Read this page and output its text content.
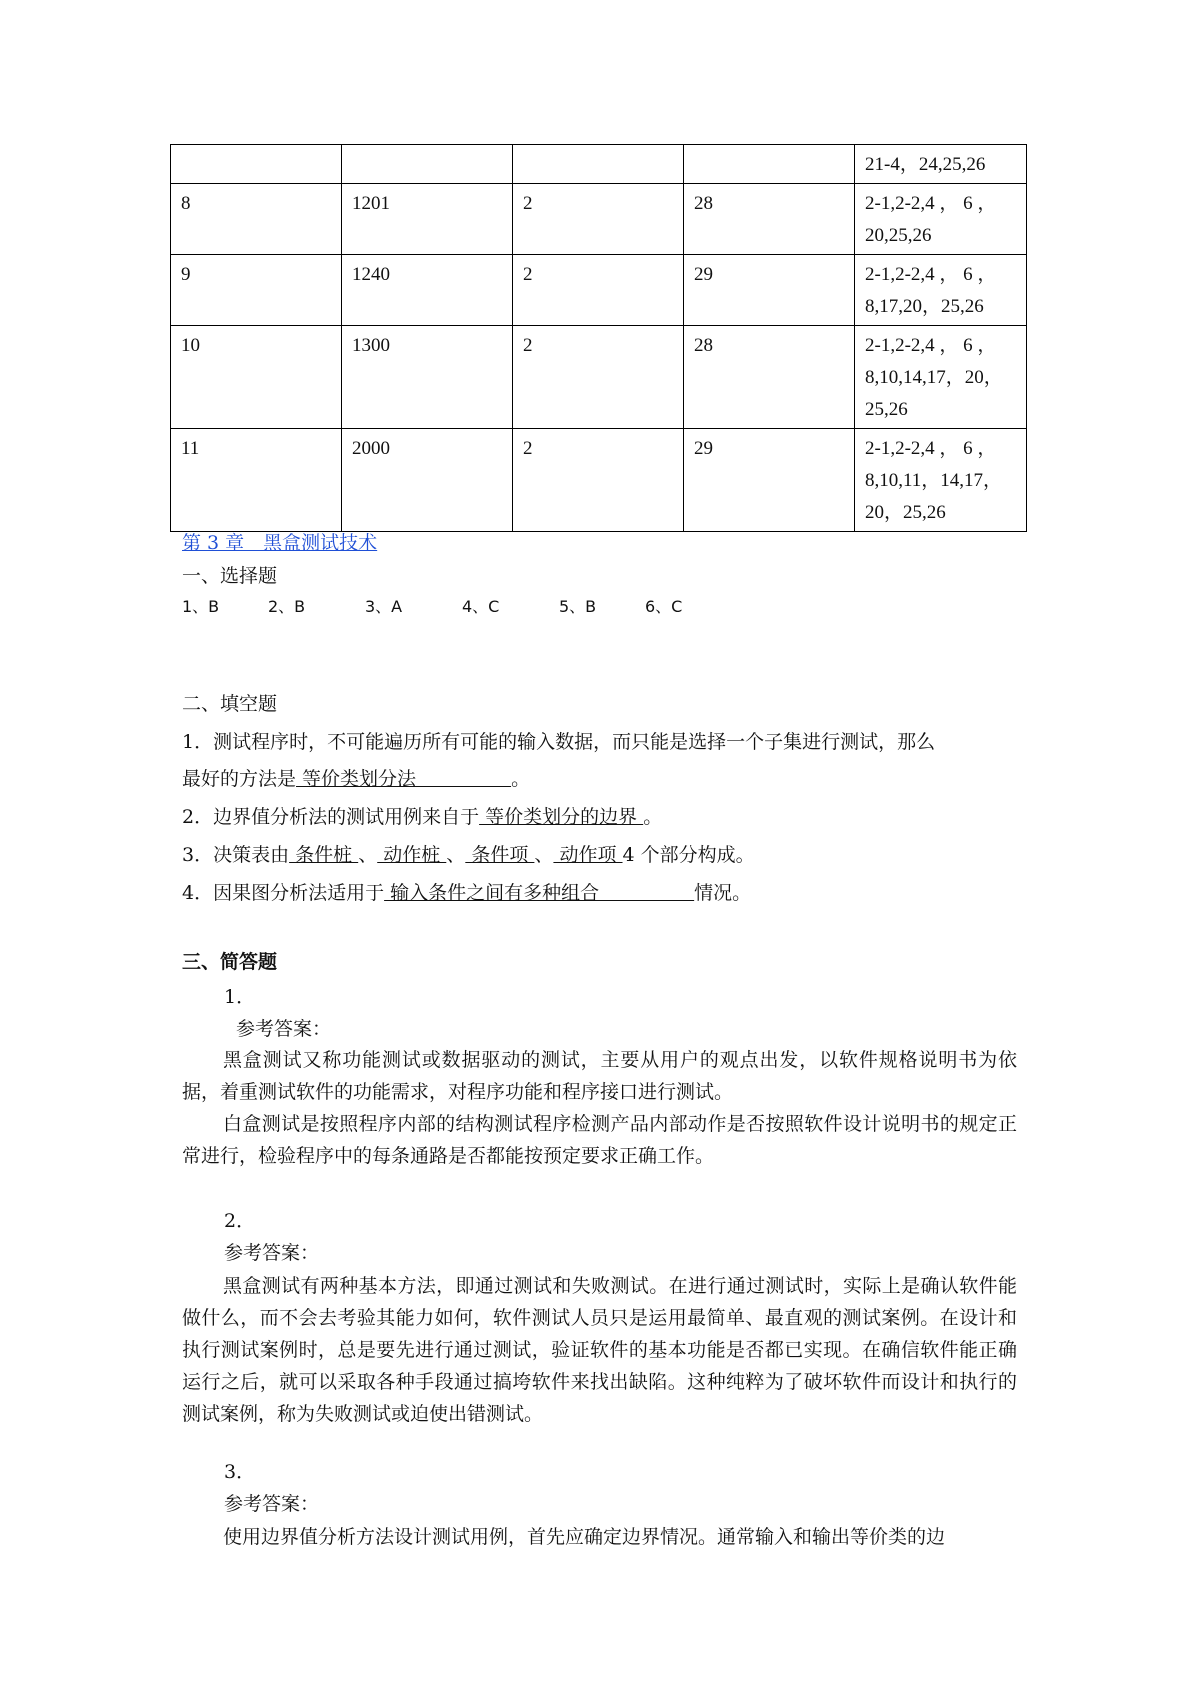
				21-4，24,25,26
8	1201	2	28	2-1,2-2,4 ， 6 ， 20,25,26
9	1240	2	29	2-1,2-2,4 ， 6 ， 8,17,20，25,26
10	1300	2	28	2-1,2-2,4 ， 6 ， 8,10,14,17，20，25,26
11	2000	2	29	2-1,2-2,4 ， 6 ， 8,10,11，14,17，20，25,26
第 3 章　黑盒测试技术
一、选择题
1、B	2、B	3、A	4、C	5、B	6、C
二、填空题
1．测试程序时，不可能遍历所有可能的输入数据，而只能是选择一个子集进行测试，那么
最好的方法是 等价类划分法　　　　　。
2．边界值分析法的测试用例来自于 等价类划分的边界 。
3．决策表由 条件桩 、 动作桩 、 条件项 、 动作项 4 个部分构成。
4．因果图分析法适用于 输入条件之间有多种组合　　　　　情况。
三、简答题
1．
参考答案：
黑盒测试又称功能测试或数据驱动的测试，主要从用户的观点出发，以软件规格说明书为依据，着重测试软件的功能需求，对程序功能和程序接口进行测试。
白盒测试是按照程序内部的结构测试程序检测产品内部动作是否按照软件设计说明书的规定正常进行，检验程序中的每条通路是否都能按预定要求正确工作。
2．
参考答案：
黑盒测试有两种基本方法，即通过测试和失败测试。在进行通过测试时，实际上是确认软件能做什么，而不会去考验其能力如何，软件测试人员只是运用最简单、最直观的测试案例。在设计和执行测试案例时，总是要先进行通过测试，验证软件的基本功能是否都已实现。在确信软件能正确运行之后，就可以采取各种手段通过搞垮软件来找出缺陷。这种纯粹为了破坏软件而设计和执行的测试案例，称为失败测试或迫使出错测试。
3．
参考答案：
使用边界值分析方法设计测试用例，首先应确定边界情况。通常输入和输出等价类的边
